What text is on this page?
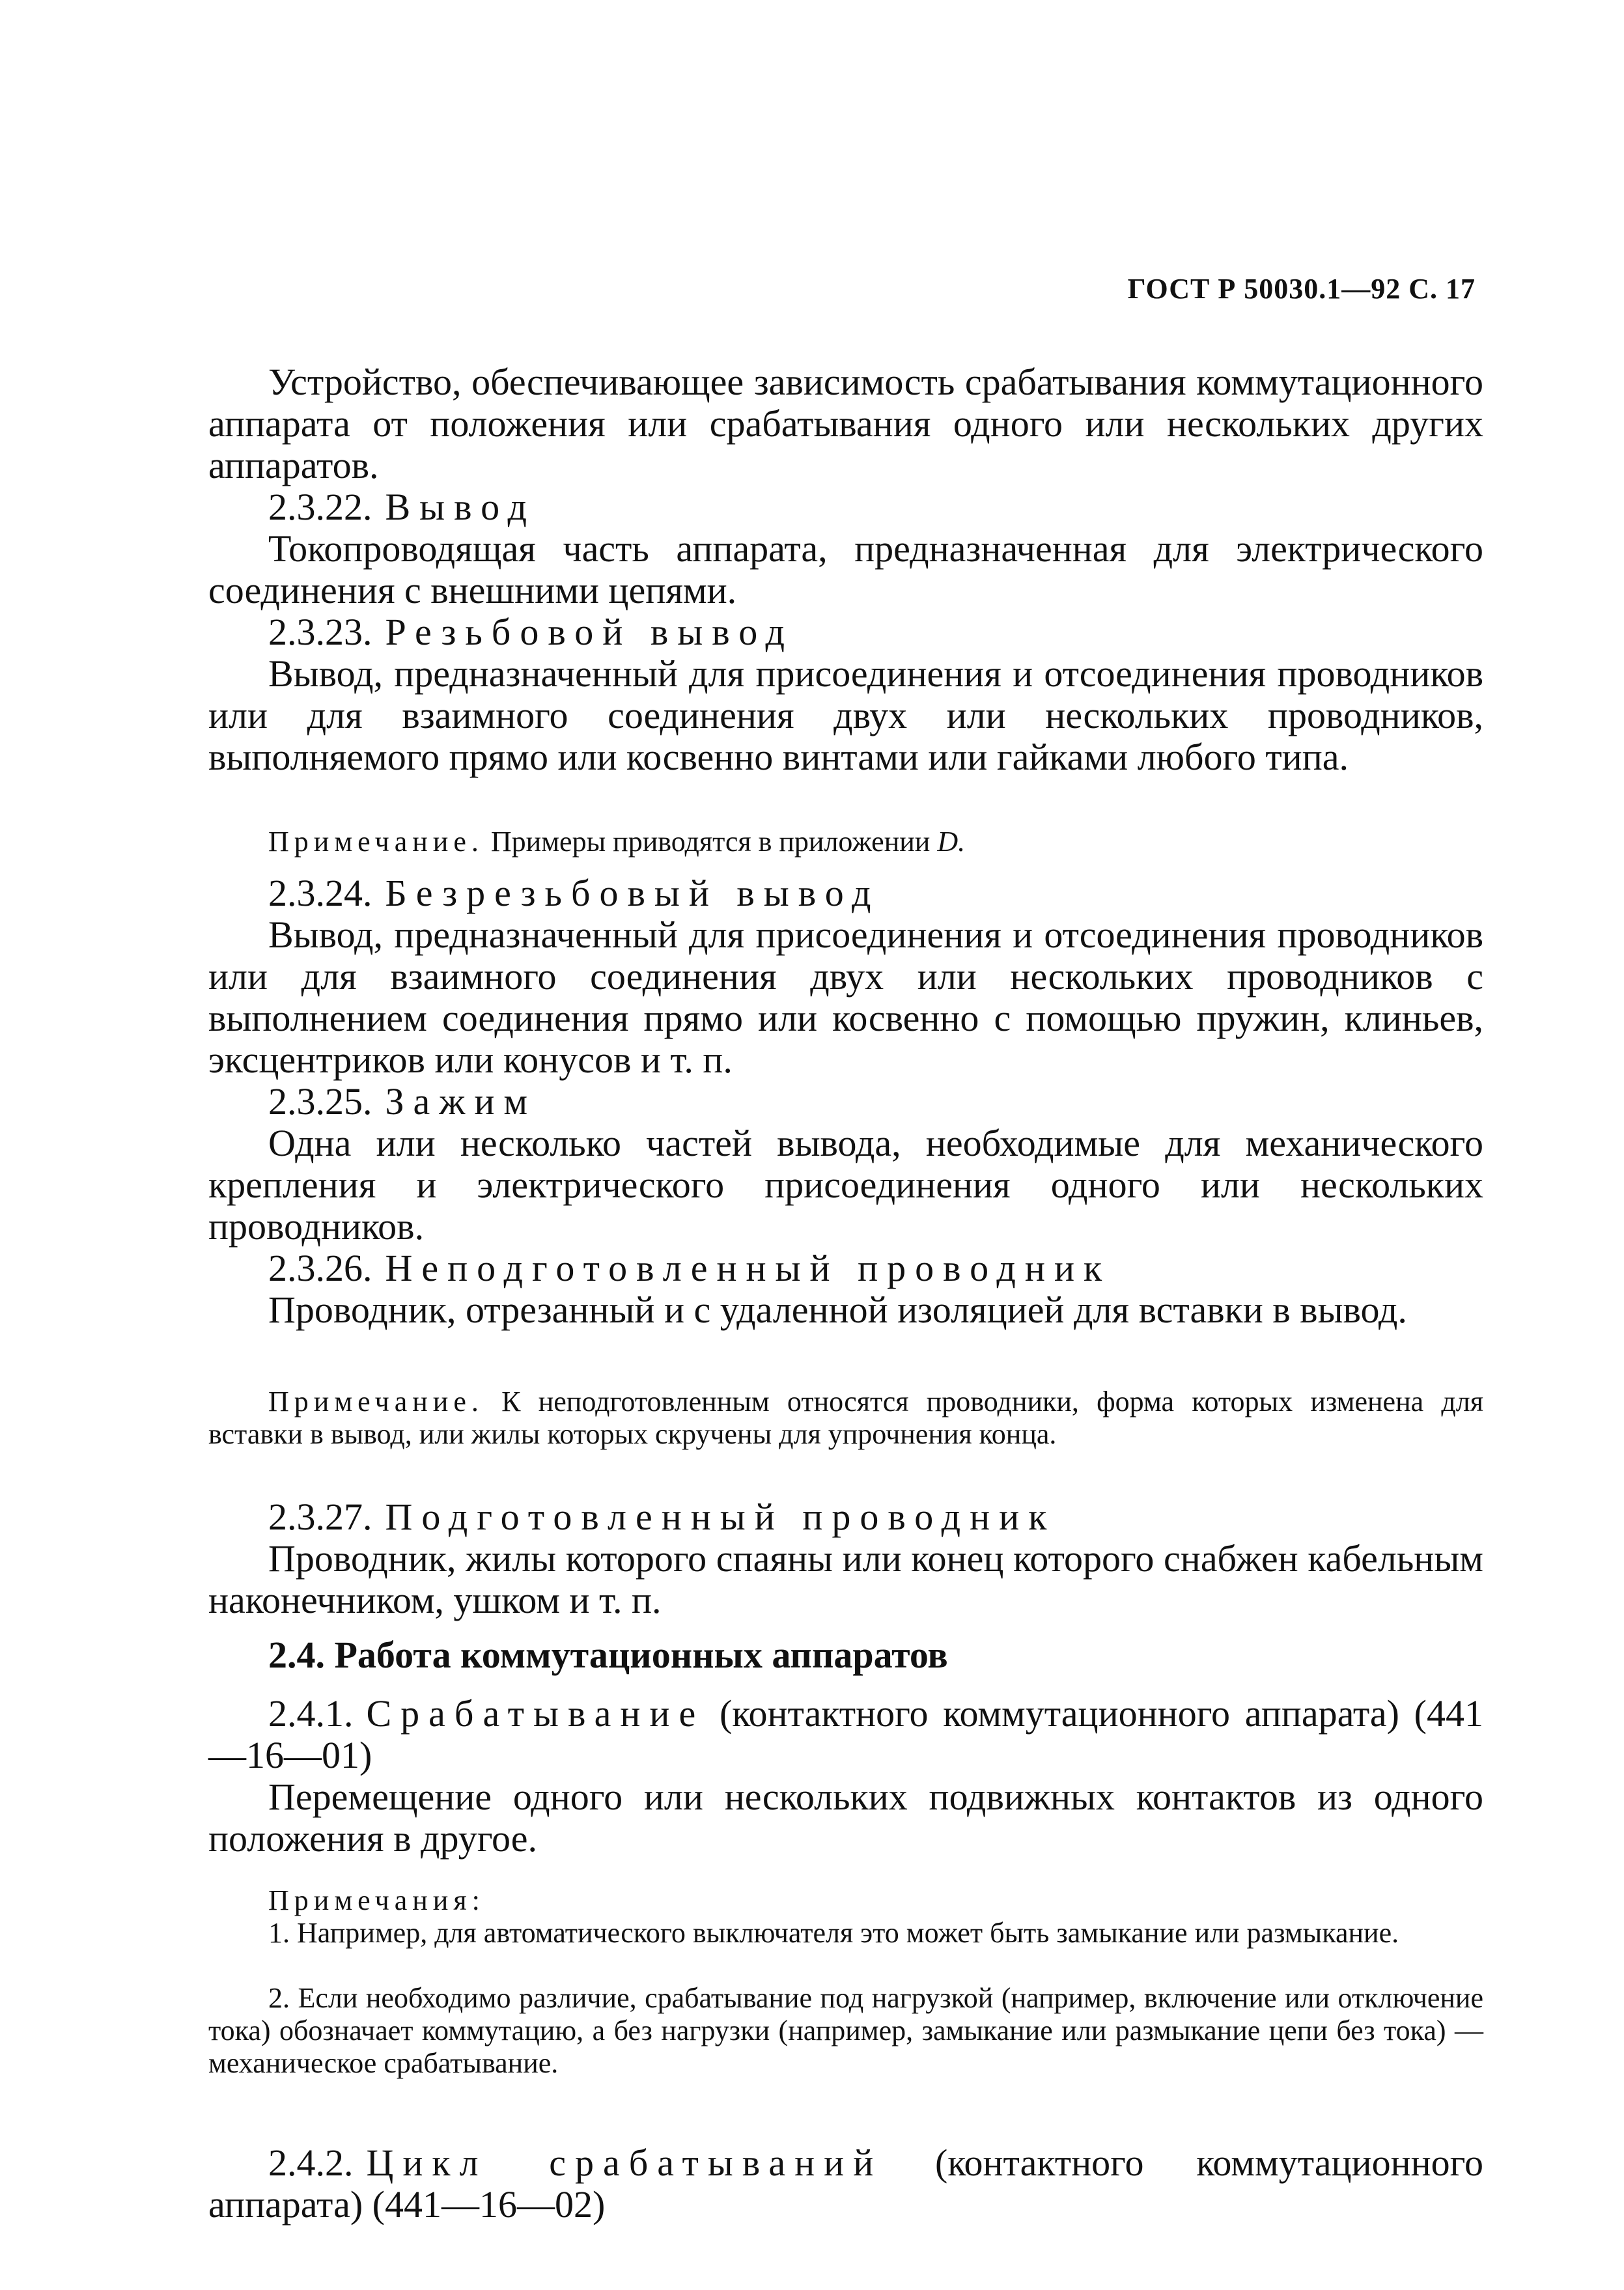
ГОСТ Р 50030.1—92 С. 17
Устройство, обеспечивающее зависимость срабатывания коммутационного аппарата от положения или срабатывания одного или нескольких других аппаратов.
2.3.22. Вывод
Токопроводящая часть аппарата, предназначенная для электрического соединения с внешними цепями.
2.3.23. Резьбовой вывод
Вывод, предназначенный для присоединения и отсоединения проводников или для взаимного соединения двух или нескольких проводников, выполняемого прямо или косвенно винтами или гайками любого типа.
Примечание. Примеры приводятся в приложении D.
2.3.24. Безрезьбовый вывод
Вывод, предназначенный для присоединения и отсоединения проводников или для взаимного соединения двух или нескольких проводников с выполнением соединения прямо или косвенно с помощью пружин, клиньев, эксцентриков или конусов и т. п.
2.3.25. Зажим
Одна или несколько частей вывода, необходимые для механического крепления и электрического присоединения одного или нескольких проводников.
2.3.26. Неподготовленный проводник
Проводник, отрезанный и с удаленной изоляцией для вставки в вывод.
Примечание. К неподготовленным относятся проводники, форма которых изменена для вставки в вывод, или жилы которых скручены для упрочнения конца.
2.3.27. Подготовленный проводник
Проводник, жилы которого спаяны или конец которого снабжен кабельным наконечником, ушком и т. п.
2.4. Работа коммутационных аппаратов
2.4.1. Срабатывание (контактного коммутационного аппарата) (441—16—01)
Перемещение одного или нескольких подвижных контактов из одного положения в другое.
Примечания:
1. Например, для автоматического выключателя это может быть замыкание или размыкание.
2. Если необходимо различие, срабатывание под нагрузкой (например, включение или отключение тока) обозначает коммутацию, а без нагрузки (например, замыкание или размыкание цепи без тока) — механическое срабатывание.
2.4.2. Цикл срабатываний (контактного коммутационного аппарата) (441—16—02)
